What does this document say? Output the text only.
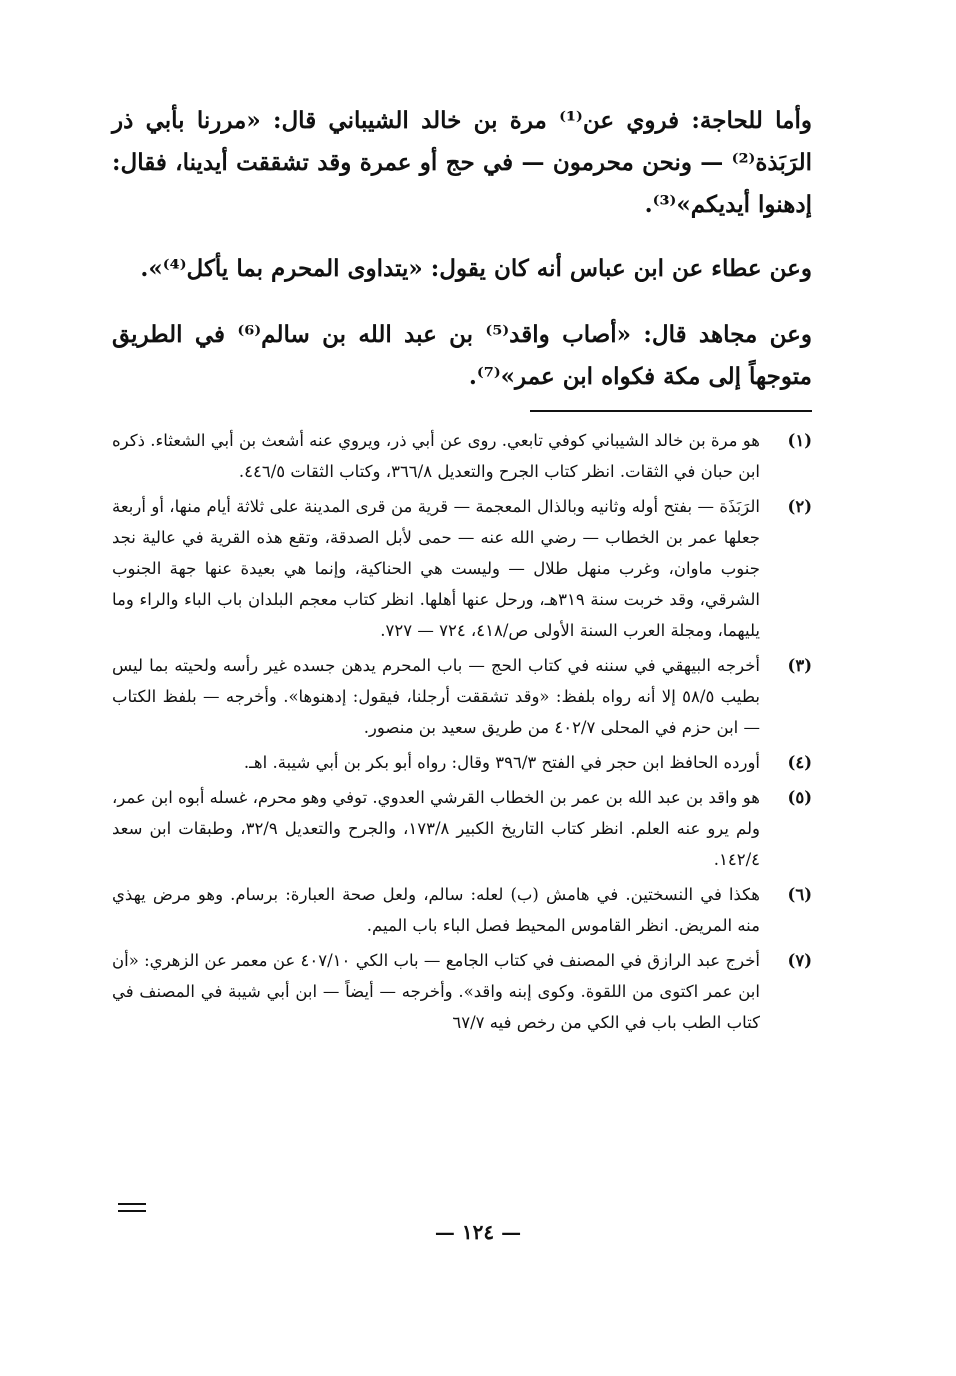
وأما للحاجة: فروي عن⁽¹⁾ مرة بن خالد الشيباني قال: «مررنا بأبي ذر الرَبَذة⁽²⁾ — ونحن محرمون — في حج أو عمرة وقد تشققت أيدينا، فقال: إدهنوا أيديكم»⁽³⁾.

وعن عطاء عن ابن عباس أنه كان يقول: «يتداوى المحرم بما يأكل⁽⁴⁾».

وعن مجاهد قال: «أصاب واقد⁽⁵⁾ بن عبد الله بن سالم⁽⁶⁾ في الطريق متوجهاً إلى مكة فكواه ابن عمر»⁽⁷⁾.

(١)
هو مرة بن خالد الشيباني كوفي تابعي. روى عن أبي ذر، ويروي عنه أشعث بن أبي الشعثاء. ذكره ابن حبان في الثقات. انظر كتاب الجرح والتعديل ٣٦٦/٨، وكتاب الثقات ٤٤٦/٥.
(٢)
الرَبَذَة — بفتح أوله وثانيه وبالذال المعجمة — قرية من قرى المدينة على ثلاثة أيام منها، أو أربعة جعلها عمر بن الخطاب — رضي الله عنه — حمى لأبل الصدقة، وتقع هذه القرية في عالية نجد جنوب ماوان، وغرب منهل طلال — وليست هي الحناكية، وإنما هي بعيدة عنها جهة الجنوب الشرقي، وقد خربت سنة ٣١٩هـ، ورحل عنها أهلها. انظر كتاب معجم البلدان باب الباء والراء وما يليهما، ومجلة العرب السنة الأولى ص/٤١٨، ٧٢٤ — ٧٢٧.
(٣)
أخرجه البيهقي في سننه في كتاب الحج — باب المحرم يدهن جسده غير رأسه ولحيته بما ليس بطيب ٥٨/٥ إلا أنه رواه بلفظ: «وقد تشققت أرجلنا، فيقول: إدهنوها». وأخرجه — بلفظ الكتاب — ابن حزم في المحلى ٤٠٢/٧ من طريق سعيد بن منصور.
(٤)
أورده الحافظ ابن حجر في الفتح ٣٩٦/٣ وقال: رواه أبو بكر بن أبي شيبة. اهـ.
(٥)
هو واقد بن عبد الله بن عمر بن الخطاب القرشي العدوي. توفي وهو محرم، غسله أبوه ابن عمر، ولم يرو عنه العلم. انظر كتاب التاريخ الكبير ١٧٣/٨، والجرح والتعديل ٣٢/٩، وطبقات ابن سعد ١٤٢/٤.
(٦)
هكذا في النسختين. في هامش (ب) لعله: سالم، ولعل صحة العبارة: برسام. وهو مرض يهذي منه المريض. انظر القاموس المحيط فصل الباء باب الميم.
(٧)
أخرج عبد الرازق في المصنف في كتاب الجامع — باب الكي ٤٠٧/١٠ عن معمر عن الزهري: «أن ابن عمر اكتوى من اللقوة. وكوى إبنه واقد». وأخرجه — أيضاً — ابن أبي شيبة في المصنف في كتاب الطب باب في الكي من رخص فيه ٦٧/٧
— ١٢٤ —
